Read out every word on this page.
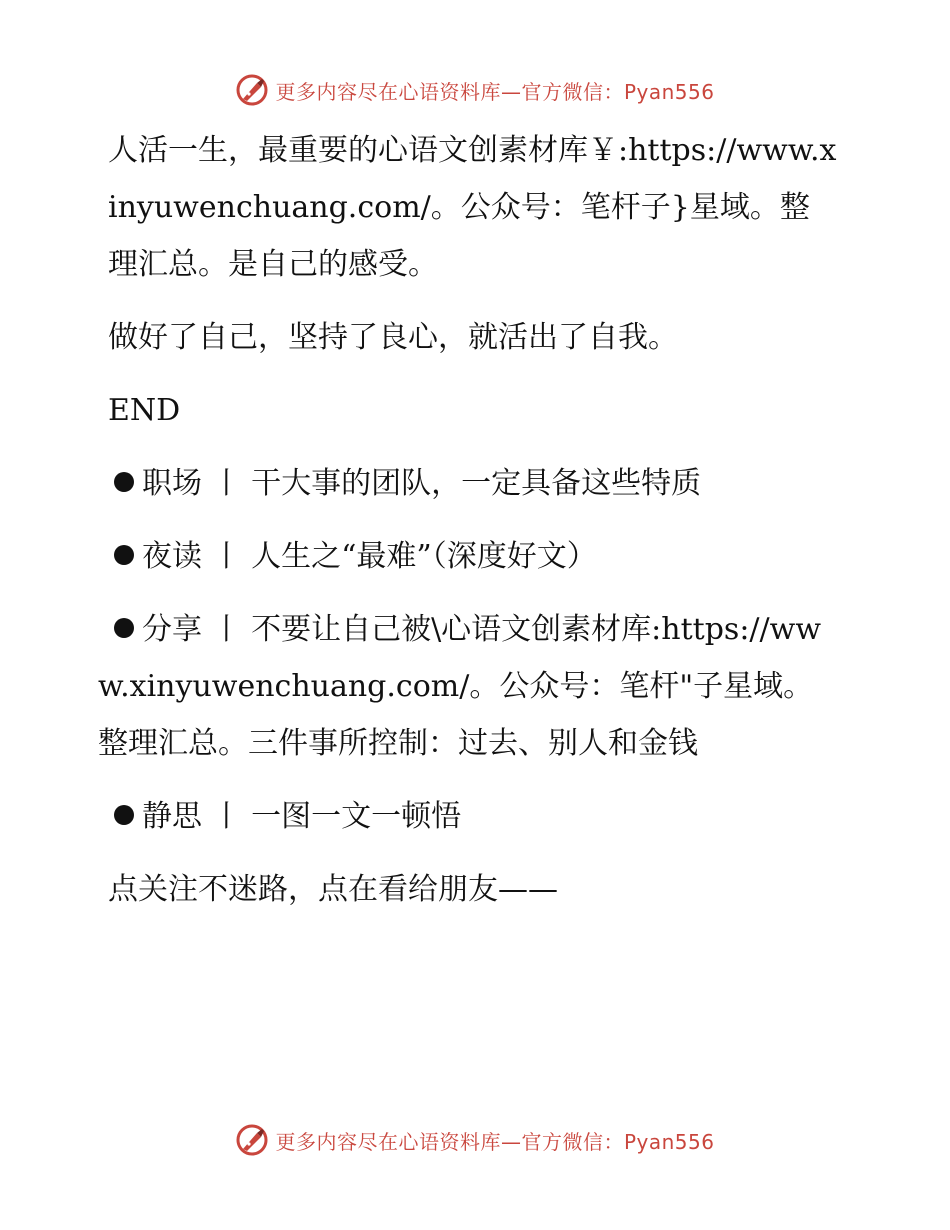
更多内容尽在心语资料库—官方微信：Pyan556

人活一生，最重要的心语文创素材库￥:https://www.xinyuwenchuang.com/。公众号：笔杆子}星域。整理汇总。是自己的感受。

做好了自己，坚持了良心，就活出了自我。

END

职场 丨 干大事的团队，一定具备这些特质
夜读 丨 人生之“最难”（深度好文）
分享 丨 不要让自己被\心语文创素材库:https://www.xinyuwenchuang.com/。公众号：笔杆"子星域。整理汇总。三件事所控制：过去、别人和金钱
静思 丨 一图一文一顿悟

点关注不迷路，点在看给朋友——

更多内容尽在心语资料库—官方微信：Pyan556
